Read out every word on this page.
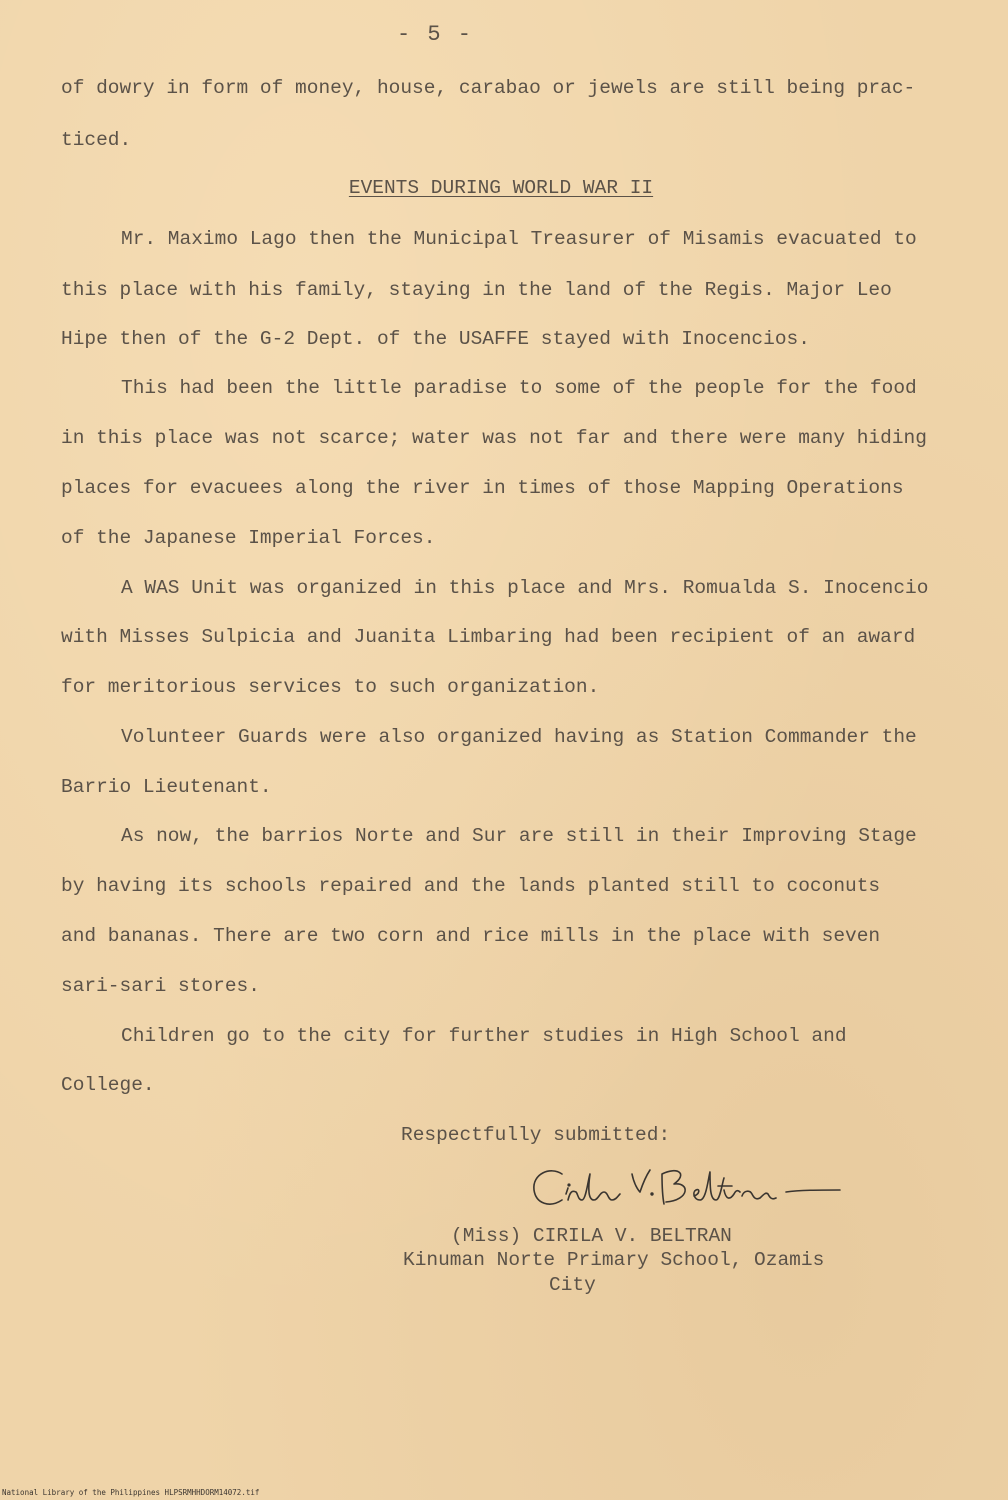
- 5 -
of dowry in form of money, house, carabao or jewels are still being prac-
ticed.
EVENTS DURING WORLD WAR II
Mr. Maximo Lago then the Municipal Treasurer of Misamis evacuated to
this place with his family, staying in the land of the Regis. Major Leo
Hipe then of the G-2 Dept. of the USAFFE stayed with Inocencios.
This had been the little paradise to some of the people for the food
in this place was not scarce; water was not far and there were many hiding
places for evacuees along the river in times of those Mapping Operations
of the Japanese Imperial Forces.
A WAS Unit was organized in this place and Mrs. Romualda S. Inocencio
with Misses Sulpicia and Juanita Limbaring had been recipient of an award
for meritorious services to such organization.
Volunteer Guards were also organized having as Station Commander the
Barrio Lieutenant.
As now, the barrios Norte and Sur are still in their Improving Stage
by having its schools repaired and the lands planted still to coconuts
and bananas. There are two corn and rice mills in the place with seven
sari-sari stores.
Children go to the city for further studies in High School and
College.
Respectfully submitted:
(Miss) CIRILA V. BELTRAN
Kinuman Norte Primary School, Ozamis
City
National Library of the Philippines HLPSRMHHDORM14072.tif
